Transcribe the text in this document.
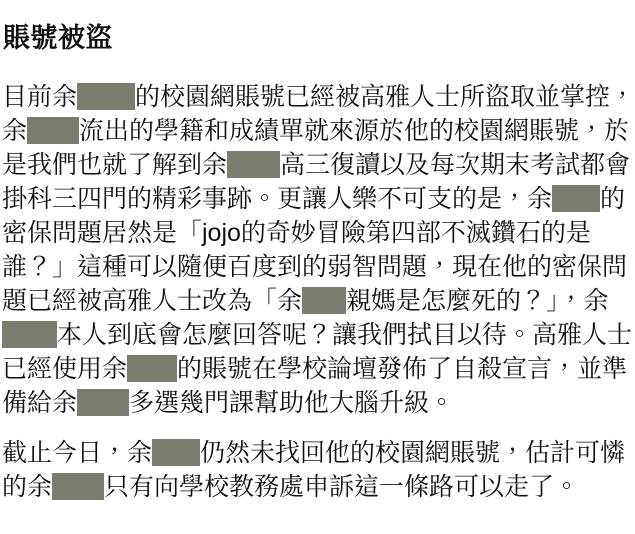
賬號被盜
目前余 的校園網賬號已經被高雅人士所盜取並掌控，
余 流出的學籍和成績單就來源於他的校園網賬號，於
是我們也就了解到余 高三復讀以及每次期末考試都會
掛科三四門的精彩事跡。更讓人樂不可支的是，余 的
密保問題居然是「jojo的奇妙冒險第四部不滅鑽石的是
誰？」這種可以隨便百度到的弱智問題，現在他的密保問
題已經被高雅人士改為「余 親媽是怎麼死的？」，余
本人到底會怎麼回答呢？讓我們拭目以待。高雅人士
已經使用余 的賬號在學校論壇發佈了自殺宣言，並準
備給余 多選幾門課幫助他大腦升級。
截止今日，余 仍然未找回他的校園網賬號，估計可憐
的余 只有向學校教務處申訴這一條路可以走了。
